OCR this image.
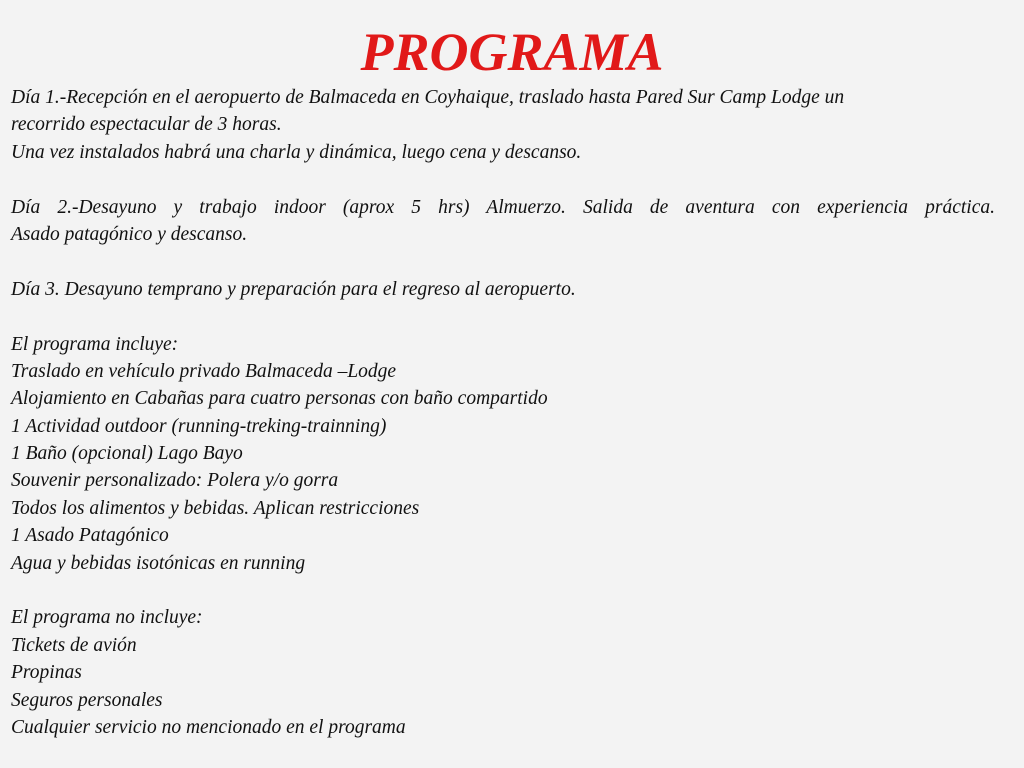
PROGRAMA
Día 1.-Recepción en el aeropuerto de Balmaceda en Coyhaique, traslado hasta Pared Sur Camp Lodge un
recorrido espectacular de 3 horas.
Una vez instalados habrá una charla y dinámica, luego cena y descanso.
Día 2.-Desayuno y trabajo indoor (aprox 5 hrs) Almuerzo. Salida de aventura con experiencia práctica.
Asado patagónico y descanso.
Día 3. Desayuno temprano y preparación para el regreso al aeropuerto.
El programa incluye:
Traslado en vehículo privado Balmaceda –Lodge
Alojamiento en Cabañas para cuatro personas con baño compartido
1 Actividad outdoor (running-treking-trainning)
1 Baño (opcional) Lago Bayo
Souvenir personalizado: Polera y/o gorra
Todos los alimentos y bebidas. Aplican restricciones
1 Asado Patagónico
Agua y bebidas isotónicas en running
El programa no incluye:
Tickets de avión
Propinas
Seguros personales
Cualquier servicio no mencionado en el programa
